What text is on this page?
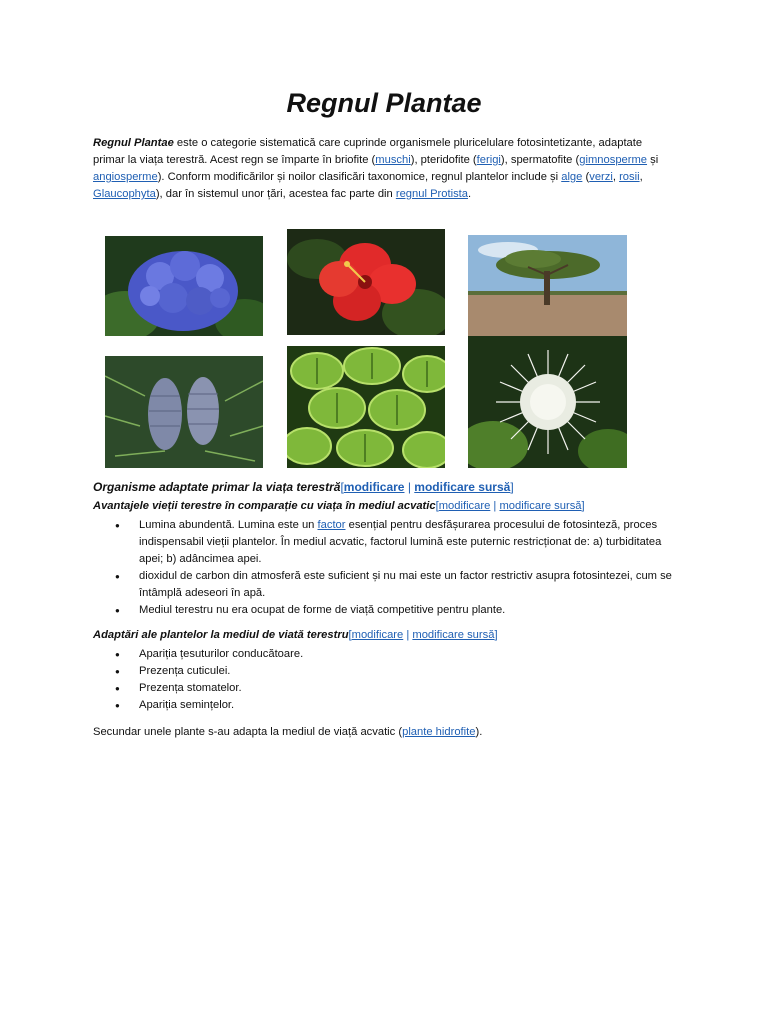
Regnul Plantae

Regnul Plantae este o categorie sistematică care cuprinde organismele pluricelulare fotosintetizante, adaptate primar la viața terestră. Acest regn se împarte în briofite (muschi), pteridofite (ferigi), spermatofite (gimnosperme și angiosperme). Conform modificărilor și noilor clasificări taxonomice, regnul plantelor include și alge (verzi, rosii, Glaucophyta), dar în sistemul unor țări, acestea fac parte din regnul Protista.

Organisme adaptate primar la viața terestră[modificare | modificare sursă]
Avantajele vieții terestre în comparație cu viața în mediul acvatic[modificare | modificare sursă]
● Lumina abundentă. Lumina este un factor esențial pentru desfășurarea procesului de fotosinteză, proces indispensabil vieții plantelor. În mediul acvatic, factorul lumină este puternic restricționat de: a) turbiditatea apei; b) adâncimea apei.
● dioxidul de carbon din atmosferă este suficient și nu mai este un factor restrictiv asupra fotosintezei, cum se întâmplă adeseori în apă.
● Mediul terestru nu era ocupat de forme de viață competitive pentru plante.
Adaptări ale plantelor la mediul de viată terestru[modificare | modificare sursă]
● Apariția țesuturilor conducătoare.
● Prezența cuticulei.
● Prezența stomatelor.
● Apariția semințelor.

Secundar unele plante s-au adapta la mediul de viață acvatic (plante hidrofite).
